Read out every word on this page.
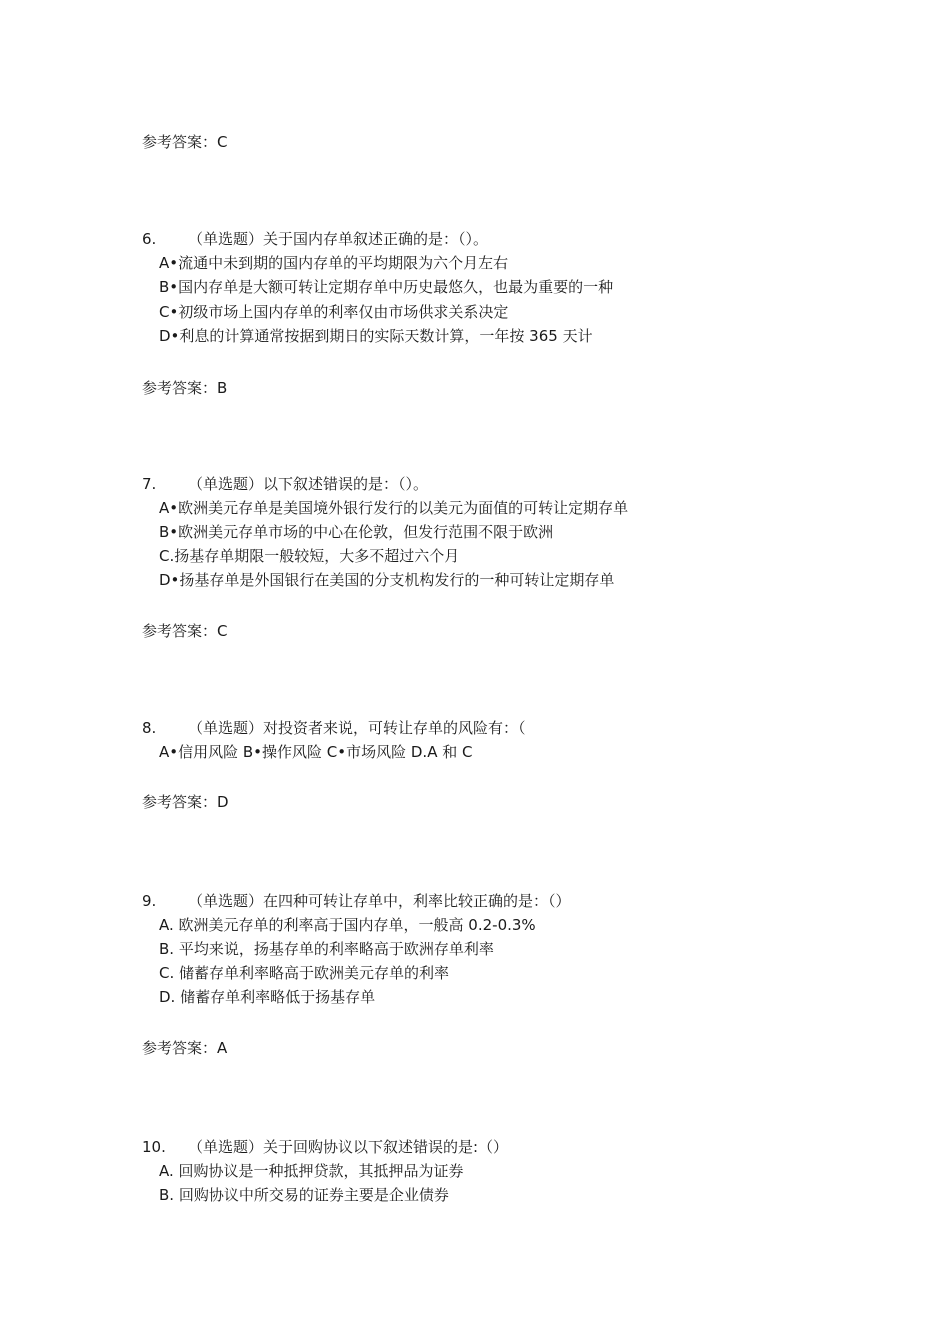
参考答案：C
6. （单选题）关于国内存单叙述正确的是：（）。
A•流通中未到期的国内存单的平均期限为六个月左右
B•国内存单是大额可转让定期存单中历史最悠久，也最为重要的一种
C•初级市场上国内存单的利率仅由市场供求关系决定
D•利息的计算通常按据到期日的实际天数计算，一年按 365 天计
参考答案：B
7. （单选题）以下叙述错误的是：（）。
A•欧洲美元存单是美国境外银行发行的以美元为面值的可转让定期存单
B•欧洲美元存单市场的中心在伦敦，但发行范围不限于欧洲
C.扬基存单期限一般较短，大多不超过六个月
D•扬基存单是外国银行在美国的分支机构发行的一种可转让定期存单
参考答案：C
8. （单选题）对投资者来说，可转让存单的风险有：（
A•信用风险 B•操作风险 C•市场风险 D.A 和 C
参考答案：D
9. （单选题）在四种可转让存单中，利率比较正确的是：（）
A. 欧洲美元存单的利率高于国内存单，一般高 0.2-0.3%
B. 平均来说，扬基存单的利率略高于欧洲存单利率
C. 储蓄存单利率略高于欧洲美元存单的利率
D. 储蓄存单利率略低于扬基存单
参考答案：A
10. （单选题）关于回购协议以下叙述错误的是:（）
A. 回购协议是一种抵押贷款，其抵押品为证券
B. 回购协议中所交易的证券主要是企业债券
